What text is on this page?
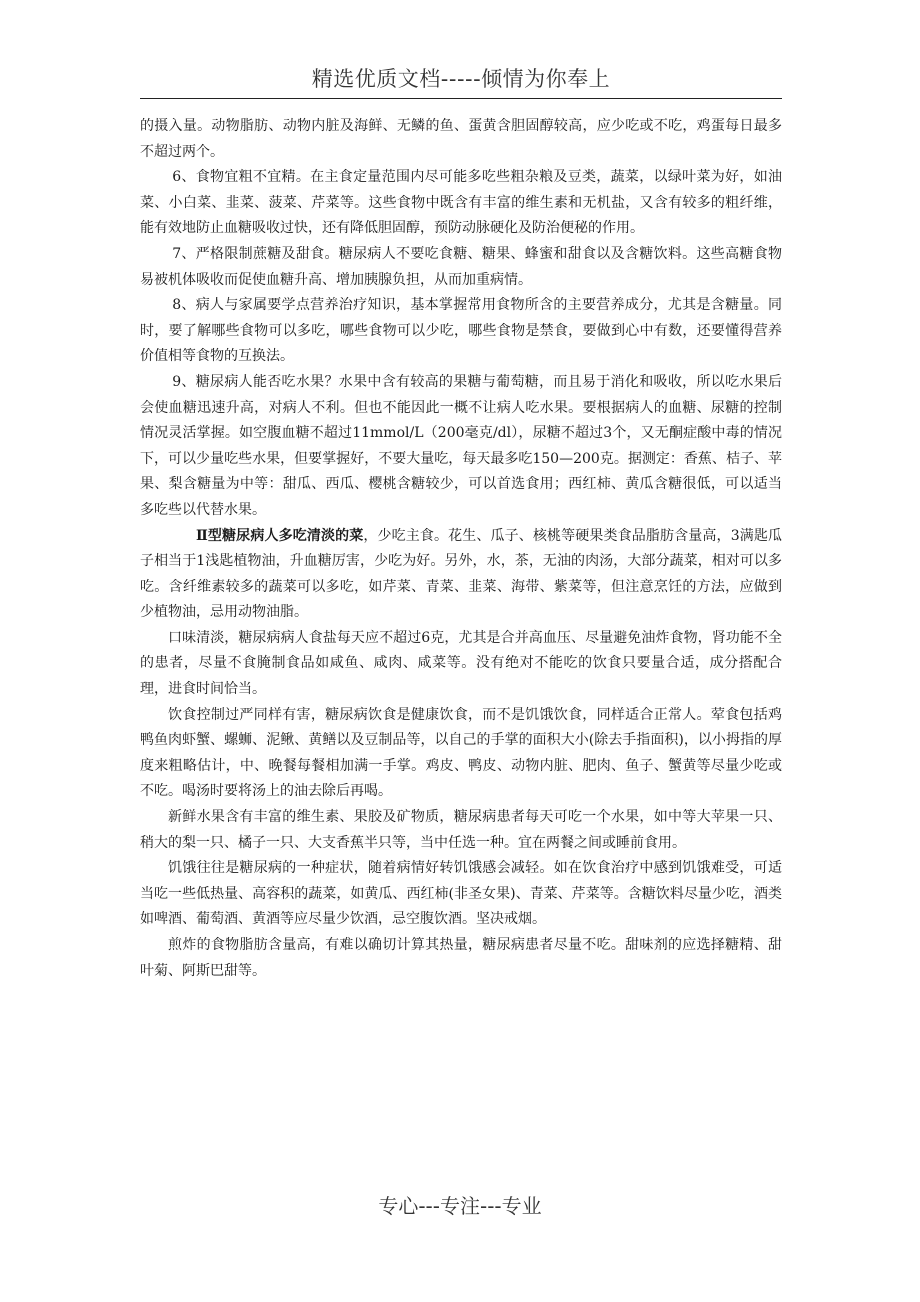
精选优质文档-----倾情为你奉上

的摄入量。动物脂肪、动物内脏及海鲜、无鳞的鱼、蛋黄含胆固醇较高，应少吃或不吃，鸡蛋每日最多不超过两个。

6、食物宜粗不宜精。在主食定量范围内尽可能多吃些粗杂粮及豆类，蔬菜，以绿叶菜为好，如油菜、小白菜、韭菜、菠菜、芹菜等。这些食物中既含有丰富的维生素和无机盐，又含有较多的粗纤维，能有效地防止血糖吸收过快，还有降低胆固醇，预防动脉硬化及防治便秘的作用。

7、严格限制蔗糖及甜食。糖尿病人不要吃食糖、糖果、蜂蜜和甜食以及含糖饮料。这些高糖食物易被机体吸收而促使血糖升高、增加胰腺负担，从而加重病情。

8、病人与家属要学点营养治疗知识，基本掌握常用食物所含的主要营养成分，尤其是含糖量。同时，要了解哪些食物可以多吃，哪些食物可以少吃，哪些食物是禁食，要做到心中有数，还要懂得营养价值相等食物的互换法。

9、糖尿病人能否吃水果？水果中含有较高的果糖与葡萄糖，而且易于消化和吸收，所以吃水果后会使血糖迅速升高，对病人不利。但也不能因此一概不让病人吃水果。要根据病人的血糖、尿糖的控制情况灵活掌握。如空腹血糖不超过11mmol/L（200毫克/dl），尿糖不超过3个，又无酮症酸中毒的情况下，可以少量吃些水果，但要掌握好，不要大量吃，每天最多吃150—200克。据测定：香蕉、桔子、苹果、梨含糖量为中等：甜瓜、西瓜、樱桃含糖较少，可以首选食用；西红柿、黄瓜含糖很低，可以适当多吃些以代替水果。

Ⅱ型糖尿病人多吃清淡的菜，少吃主食。花生、瓜子、核桃等硬果类食品脂肪含量高，3满匙瓜子相当于1浅匙植物油，升血糖厉害，少吃为好。另外，水，茶，无油的肉汤，大部分蔬菜，相对可以多吃。含纤维素较多的蔬菜可以多吃，如芹菜、青菜、韭菜、海带、紫菜等，但注意烹饪的方法，应做到少植物油，忌用动物油脂。

口味清淡，糖尿病病人食盐每天应不超过6克，尤其是合并高血压、尽量避免油炸食物，肾功能不全的患者，尽量不食腌制食品如咸鱼、咸肉、咸菜等。没有绝对不能吃的饮食只要量合适，成分搭配合理，进食时间恰当。

饮食控制过严同样有害，糖尿病饮食是健康饮食，而不是饥饿饮食，同样适合正常人。荤食包括鸡鸭鱼肉虾蟹、螺蛳、泥鳅、黄鳝以及豆制品等，以自己的手掌的面积大小(除去手指面积)，以小拇指的厚度来粗略估计，中、晚餐每餐相加满一手掌。鸡皮、鸭皮、动物内脏、肥肉、鱼子、蟹黄等尽量少吃或不吃。喝汤时要将汤上的油去除后再喝。

新鲜水果含有丰富的维生素、果胶及矿物质，糖尿病患者每天可吃一个水果，如中等大苹果一只、稍大的梨一只、橘子一只、大支香蕉半只等，当中任选一种。宜在两餐之间或睡前食用。

饥饿往往是糖尿病的一种症状，随着病情好转饥饿感会减轻。如在饮食治疗中感到饥饿难受，可适当吃一些低热量、高容积的蔬菜，如黄瓜、西红柿(非圣女果)、青菜、芹菜等。含糖饮料尽量少吃，酒类如啤酒、葡萄酒、黄酒等应尽量少饮酒，忌空腹饮酒。坚决戒烟。

煎炸的食物脂肪含量高，有难以确切计算其热量，糖尿病患者尽量不吃。甜味剂的应选择糖精、甜叶菊、阿斯巴甜等。

专心---专注---专业
